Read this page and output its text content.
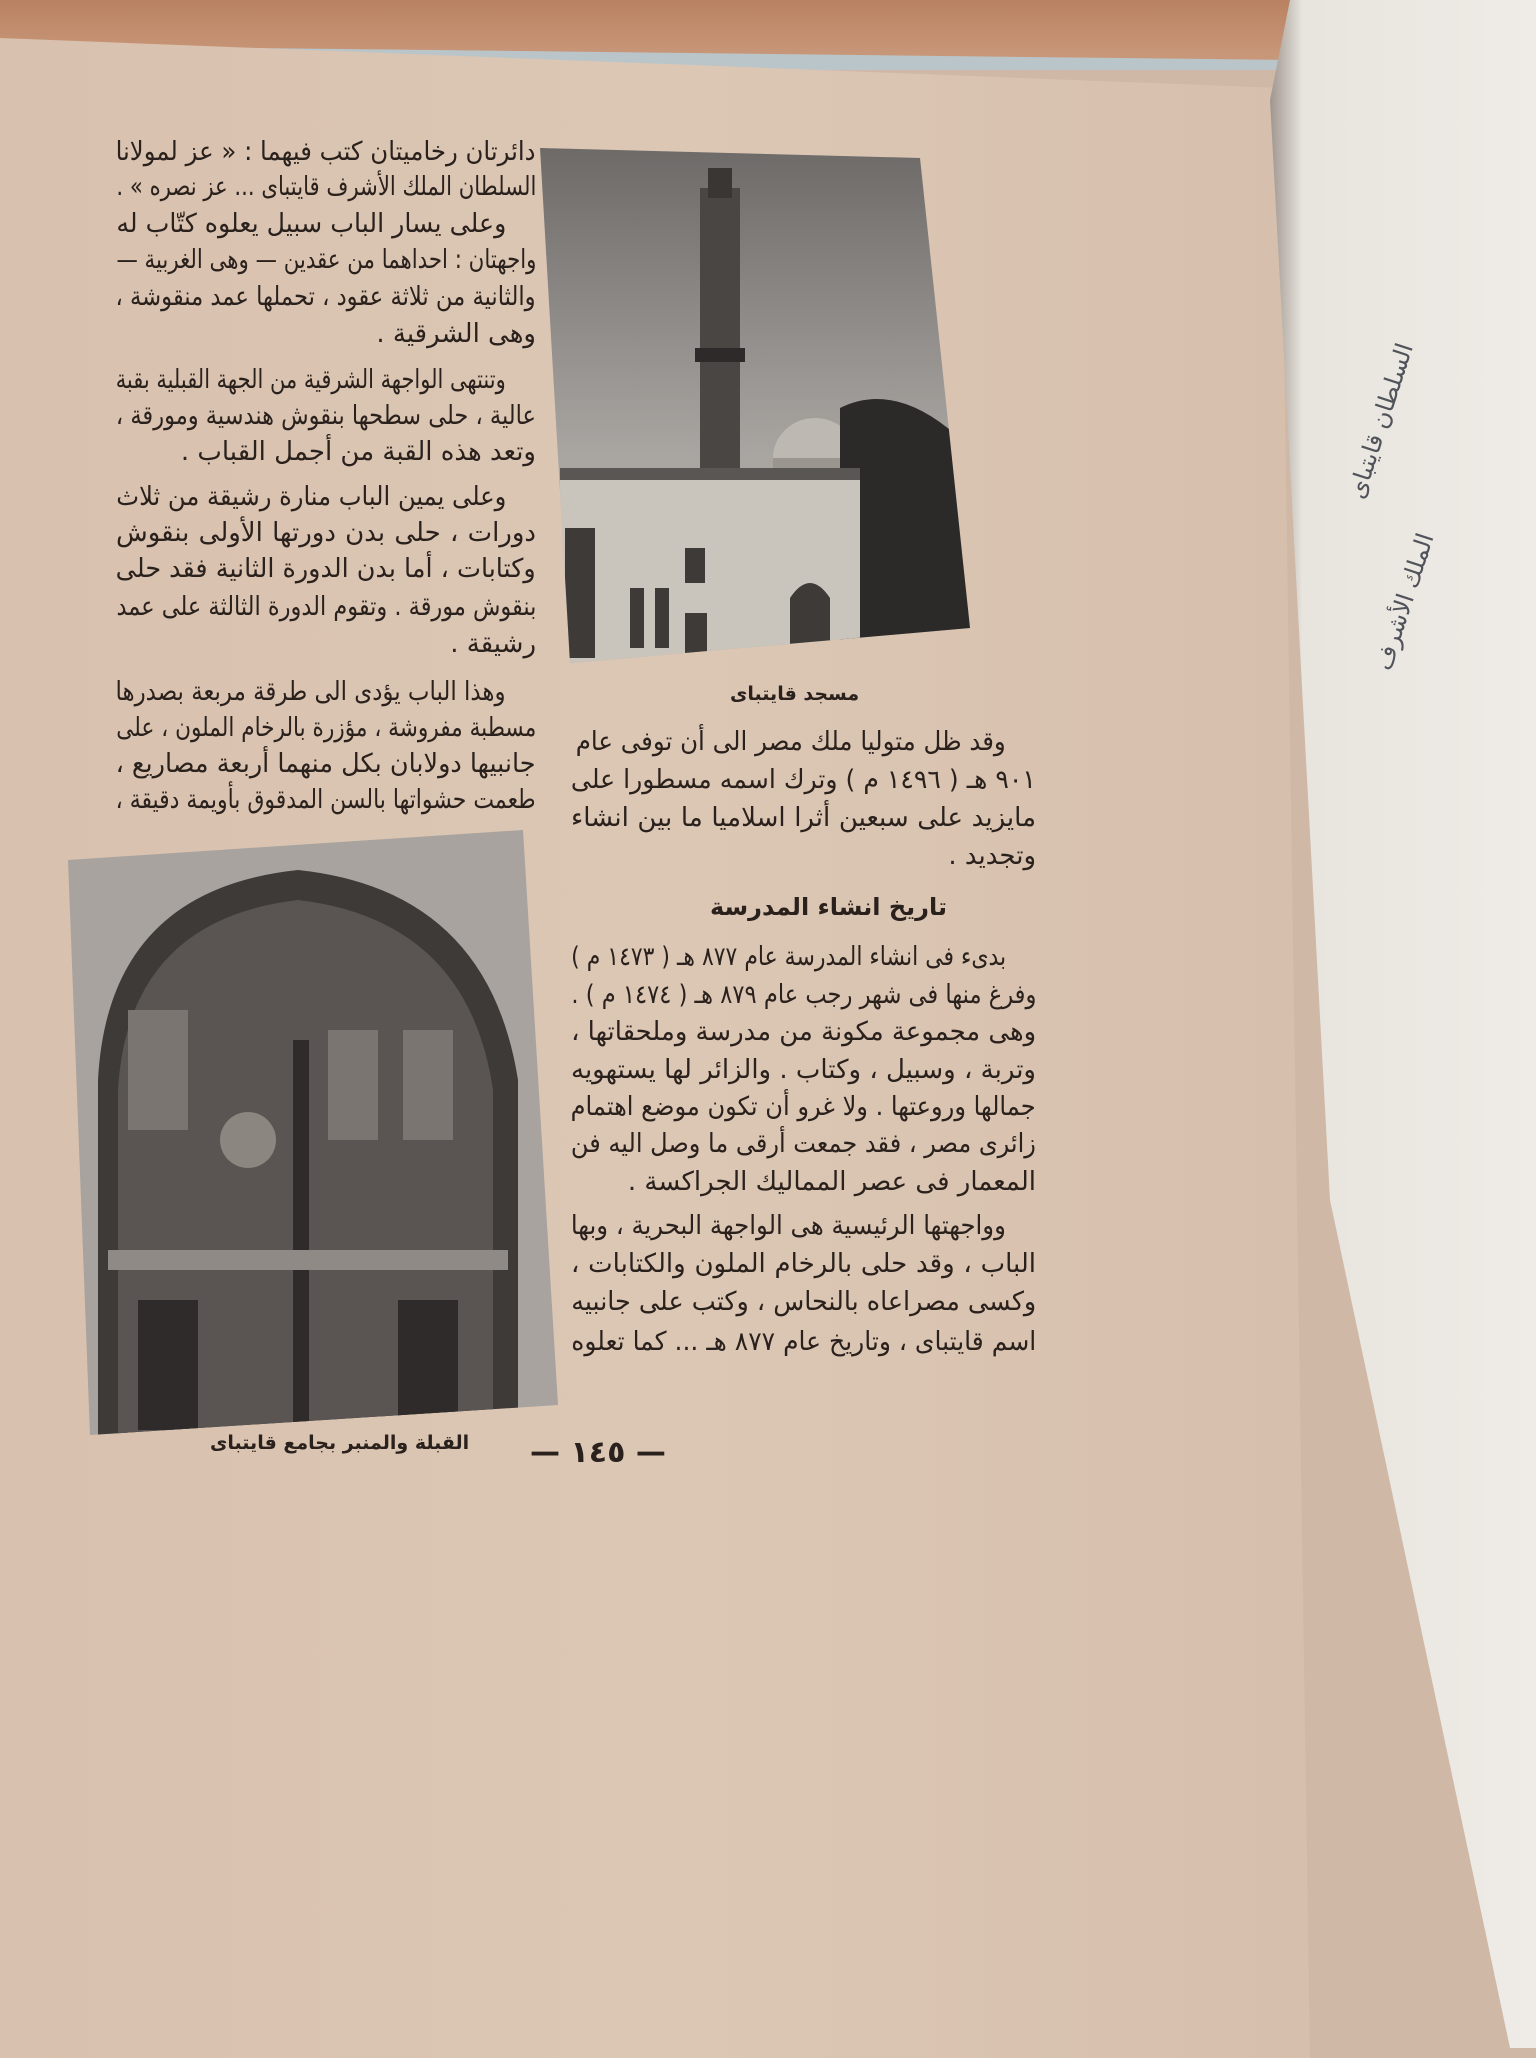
السلطان قايتباى
الملك الأشرف
دائرتان رخاميتان كتب فيهما : « عز لمولانا
السلطان الملك الأشرف قايتباى ... عز نصره » .
وعلى يسار الباب سبيل يعلوه كتّاب له
واجهتان : احداهما من عقدين — وهى الغربية —
والثانية من ثلاثة عقود ، تحملها عمد منقوشة ،
وهى الشرقية .
وتنتهى الواجهة الشرقية من الجهة القبلية بقبة
عالية ، حلى سطحها بنقوش هندسية ومورقة ،
وتعد هذه القبة من أجمل القباب .
وعلى يمين الباب منارة رشيقة من ثلاث
دورات ، حلى بدن دورتها الأولى بنقوش
وكتابات ، أما بدن الدورة الثانية فقد حلى
بنقوش مورقة . وتقوم الدورة الثالثة على عمد
رشيقة .
وهذا الباب يؤدى الى طرقة مربعة بصدرها
مسطبة مفروشة ، مؤزرة بالرخام الملون ، على
جانبيها دولابان بكل منهما أربعة مصاريع ،
طعمت حشواتها بالسن المدقوق بأويمة دقيقة ،
مسجد قايتباى
وقد ظل متوليا ملك مصر الى أن توفى عام
٩٠١ هـ ( ١٤٩٦ م ) وترك اسمه مسطورا على
مايزيد على سبعين أثرا اسلاميا ما بين انشاء
وتجديد .
بدىء فى انشاء المدرسة عام ٨٧٧ هـ ( ١٤٧٣ م )
وفرغ منها فى شهر رجب عام ٨٧٩ هـ ( ١٤٧٤ م ) .
وهى مجموعة مكونة من مدرسة وملحقاتها ،
وتربة ، وسبيل ، وكتاب . والزائر لها يستهويه
جمالها وروعتها . ولا غرو أن تكون موضع اهتمام
زائرى مصر ، فقد جمعت أرقى ما وصل اليه فن
المعمار فى عصر المماليك الجراكسة .
وواجهتها الرئيسية هى الواجهة البحرية ، وبها
الباب ، وقد حلى بالرخام الملون والكتابات ،
وكسى مصراعاه بالنحاس ، وكتب على جانبيه
اسم قايتباى ، وتاريخ عام ٨٧٧ هـ ... كما تعلوه
تاريخ انشاء المدرسة
القبلة والمنبر بجامع قايتباى — ١٤٥ —
